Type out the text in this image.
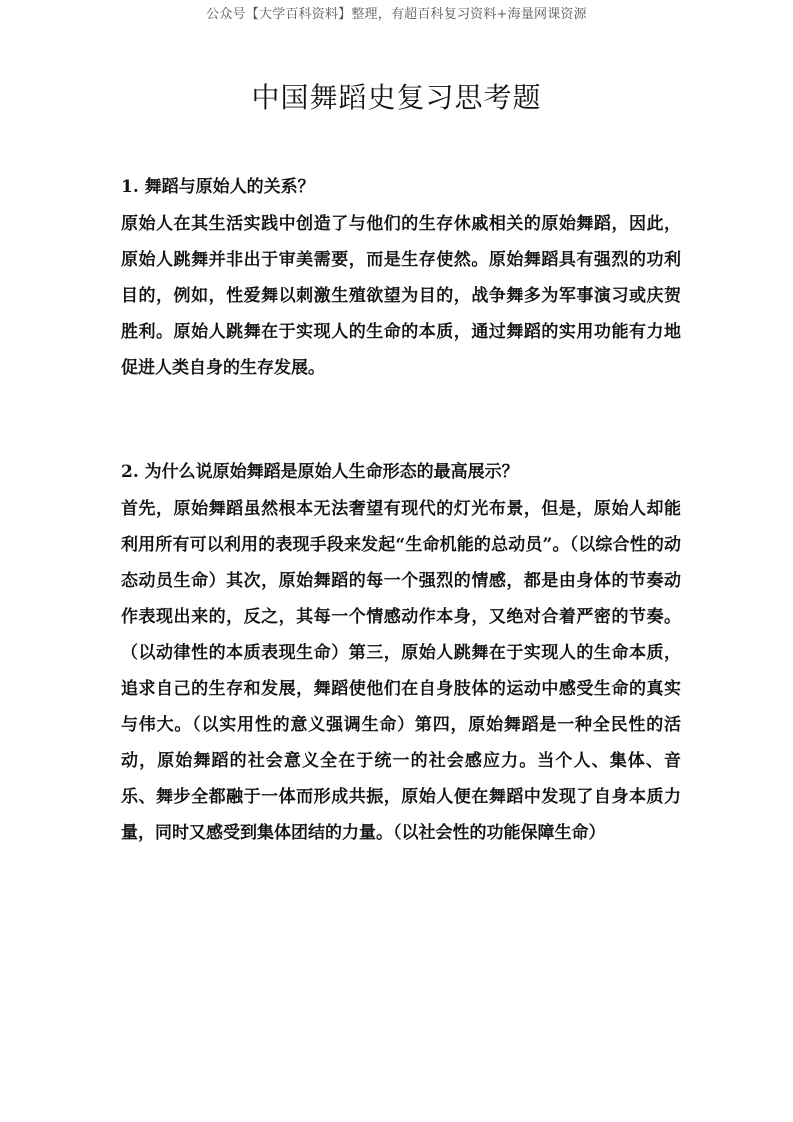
公众号【大学百科资料】整理，有超百科复习资料+海量网课资源
中国舞蹈史复习思考题

1. 舞蹈与原始人的关系？

原始人在其生活实践中创造了与他们的生存休戚相关的原始舞蹈，因此，原始人跳舞并非出于审美需要，而是生存使然。原始舞蹈具有强烈的功利目的，例如，性爱舞以刺激生殖欲望为目的，战争舞多为军事演习或庆贺胜利。原始人跳舞在于实现人的生命的本质，通过舞蹈的实用功能有力地促进人类自身的生存发展。

2. 为什么说原始舞蹈是原始人生命形态的最高展示？

首先，原始舞蹈虽然根本无法奢望有现代的灯光布景，但是，原始人却能利用所有可以利用的表现手段来发起“生命机能的总动员”。（以综合性的动态动员生命）其次，原始舞蹈的每一个强烈的情感，都是由身体的节奏动作表现出来的，反之，其每一个情感动作本身，又绝对合着严密的节奏。（以动律性的本质表现生命）第三，原始人跳舞在于实现人的生命本质，追求自己的生存和发展，舞蹈使他们在自身肢体的运动中感受生命的真实与伟大。（以实用性的意义强调生命）第四，原始舞蹈是一种全民性的活动，原始舞蹈的社会意义全在于统一的社会感应力。当个人、集体、音乐、舞步全都融于一体而形成共振，原始人便在舞蹈中发现了自身本质力量，同时又感受到集体团结的力量。（以社会性的功能保障生命）
